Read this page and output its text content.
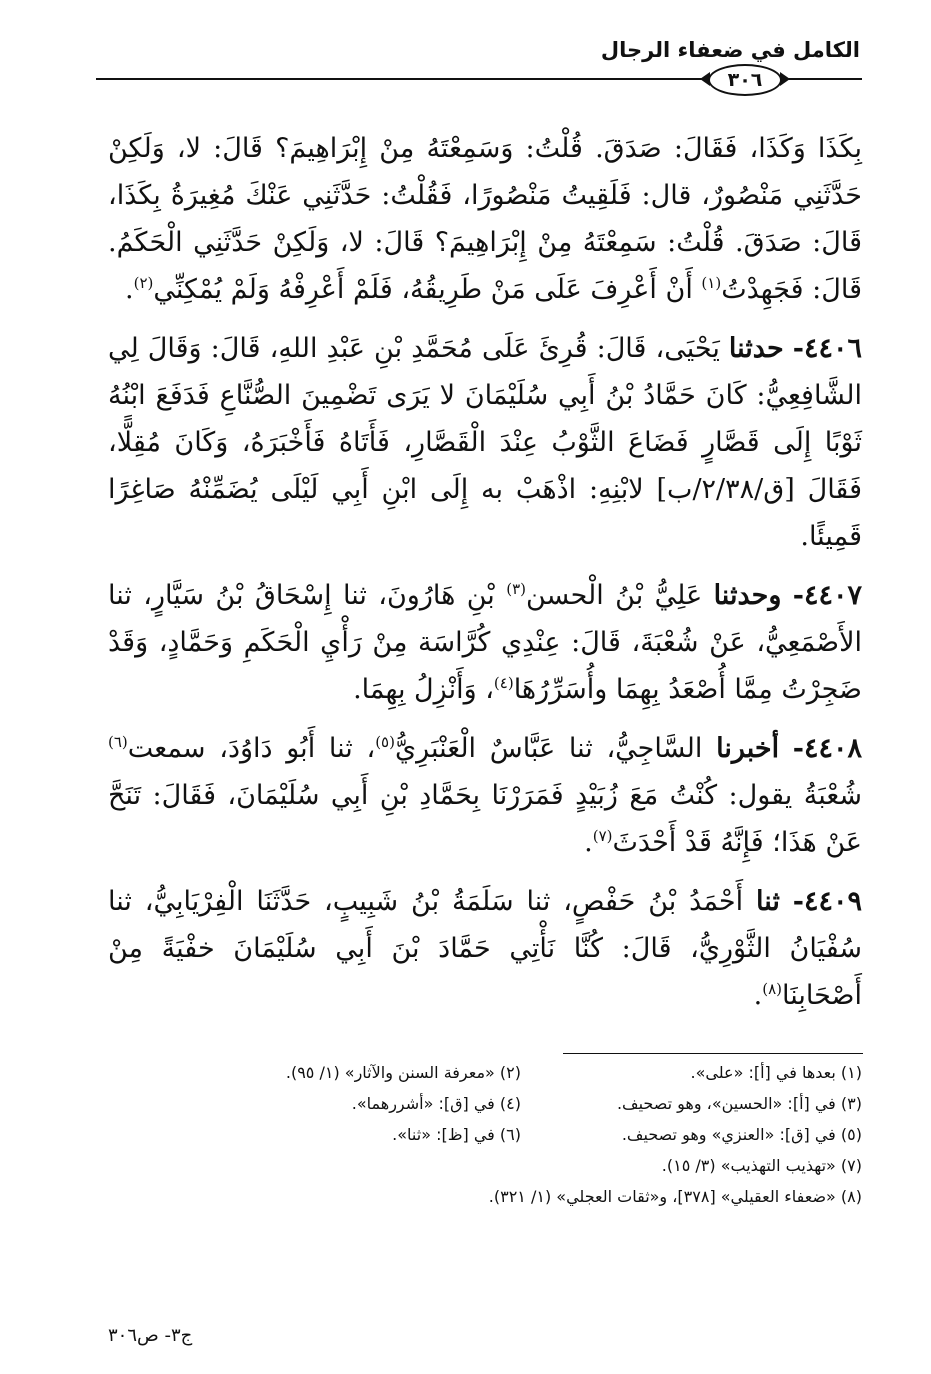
الكامل في ضعفاء الرجال
٣٠٦

بِكَذَا وَكَذَا، فَقَالَ: صَدَقَ. قُلْتُ: وَسَمِعْتَهُ مِنْ إِبْرَاهِيمَ؟ قَالَ: لا، وَلَكِنْ حَدَّثَنِي مَنْصُورٌ، قال: فَلَقِيتُ مَنْصُورًا، فَقُلْتُ: حَدَّثَنِي عَنْكَ مُغِيرَةُ بِكَذَا، قَالَ: صَدَقَ. قُلْتُ: سَمِعْتَهُ مِنْ إِبْرَاهِيمَ؟ قَالَ: لا، وَلَكِنْ حَدَّثَنِي الْحَكَمُ. قَالَ: فَجَهِدْتُ$^{(١)}$ أَنْ أَعْرِفَ عَلَى مَنْ طَرِيقُهُ، فَلَمْ أَعْرِفْهُ وَلَمْ يُمْكِنِّي$^{(٢)}$.

٤٤٠٦- حدثنا يَحْيَى، قَالَ: قُرِئَ عَلَى مُحَمَّدِ بْنِ عَبْدِ اللهِ، قَالَ: وَقَالَ لِي الشَّافِعِيُّ: كَانَ حَمَّادُ بْنُ أَبِي سُلَيْمَانَ لا يَرَى تَضْمِينَ الصُّنَّاعِ فَدَفَعَ ابْنُهُ ثَوْبًا إِلَى قَصَّارٍ فَضَاعَ الثَّوْبُ عِنْدَ الْقَصَّارِ، فَأَتَاهُ فَأَخْبَرَهُ، وَكَانَ مُقِلًّا، فَقَالَ [ق/٢/٣٨/ب] لابْنِهِ: اذْهَبْ به إِلَى ابْنِ أَبِي لَيْلَى يُضَمِّنْهُ صَاغِرًا قَمِيئًا.

٤٤٠٧- وحدثنا عَلِيُّ بْنُ الْحسن$^{(٣)}$ بْنِ هَارُونَ، ثنا إِسْحَاقُ بْنُ سَيَّارٍ، ثنا الأَصْمَعِيُّ، عَنْ شُعْبَةَ، قَالَ: عِنْدِي كُرَّاسَة مِنْ رَأْيِ الْحَكَمِ وَحَمَّادٍ، وَقَدْ ضَجِرْتُ مِمَّا أُصْعَدُ بِهِمَا وأُسَرِّرُهَا$^{(٤)}$، وَأَنْزِلُ بِهِمَا.

٤٤٠٨- أخبرنا السَّاجِيُّ، ثنا عَبَّاسٌ الْعَنْبَرِيُّ$^{(٥)}$، ثنا أَبُو دَاوُدَ، سمعت$^{(٦)}$ شُعْبَةُ يقول: كُنْتُ مَعَ زُبَيْدٍ فَمَرَرْنَا بِحَمَّادِ بْنِ أَبِي سُلَيْمَانَ، فَقَالَ: تَنَحَّ عَنْ هَذَا؛ فَإِنَّهُ قَدْ أَحْدَثَ$^{(٧)}$.

٤٤٠٩- ثنا أَحْمَدُ بْنُ حَفْصٍ، ثنا سَلَمَةُ بْنُ شَبِيبٍ، حَدَّثَنَا الْفِرْيَابِيُّ، ثنا سُفْيَانُ الثَّوْرِيُّ، قَالَ: كُنَّا نَأْتِي حَمَّادَ بْنَ أَبِي سُلَيْمَانَ خفْيَةً مِنْ أَصْحَابِنَا$^{(٨)}$.

(١) بعدها في [أ]: «على».
(٢) «معرفة السنن والآثار» (١/ ٩٥).
(٣) في [أ]: «الحسين»، وهو تصحيف.
(٤) في [ق]: «أشررهما».
(٥) في [ق]: «العنزي» وهو تصحيف.
(٦) في [ظ]: «ثنا».
(٧) «تهذيب التهذيب» (٣/ ١٥).
(٨) «ضعفاء العقيلي» [٣٧٨]، و«ثقات العجلي» (١/ ٣٢١).
ج٣- ص٣٠٦
